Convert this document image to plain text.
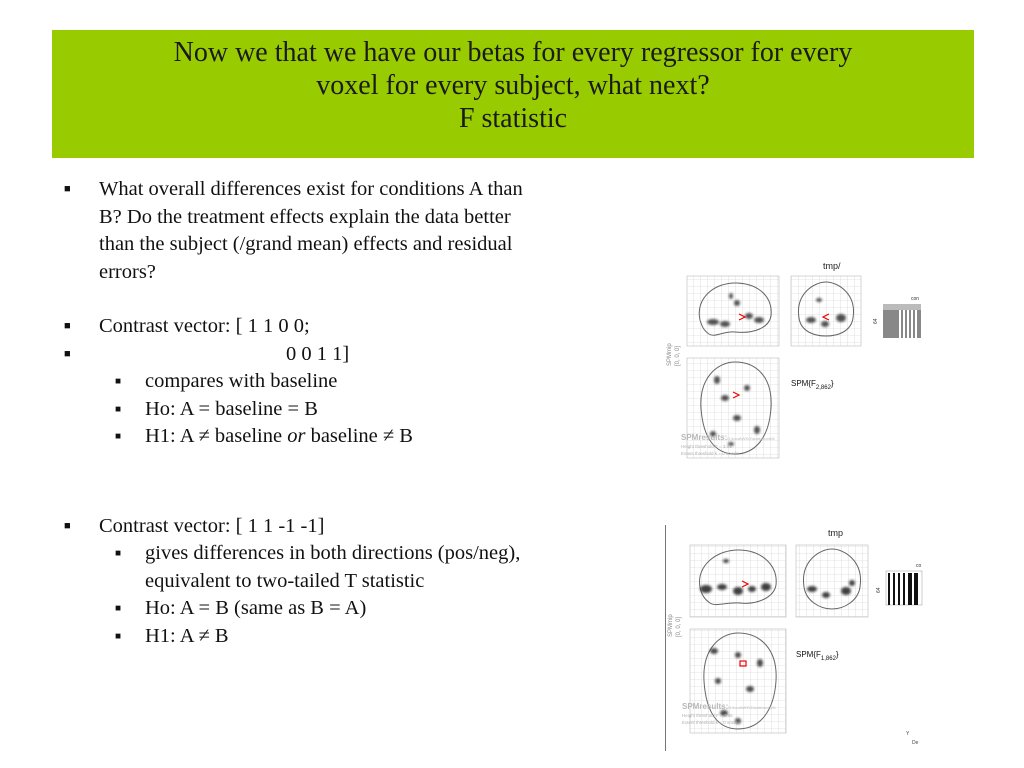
Now we that we have our betas for every regressor for every
voxel for every subject, what next?
F statistic
■ What overall differences exist for conditions A than
B? Do the treatment effects explain the data better
than the subject (/grand mean) effects and residual
errors?
■ Contrast vector: [ 1 1 0 0;
■ 0 0 1 1]
■ compares with baseline
■ Ho: A = baseline = B
■ H1: A ≠ baseline or baseline ≠ B
■ Contrast vector: [ 1 1 -1 -1]
■ gives differences in both directions (pos/neg),
equivalent to two-tailed T statistic
■ Ho: A = B (same as B = A)
■ H1: A ≠ B
tmp/
SPMmip [0, 0, 0]
con
64
$SPM\{F_{2,862}\}$
SPMresults:D:\local\WKG\stats\model1
Height threshold F = 3.01
Extent threshold k = 0 voxels
tmp
SPMmip [0, 0, 0]
co
64
$SPM\{F_{1,862}\}$
SPMresults:D:\local\WKG\stats\model1
Height threshold F = 3.85
Extent threshold k = 0 voxels
Y
De
